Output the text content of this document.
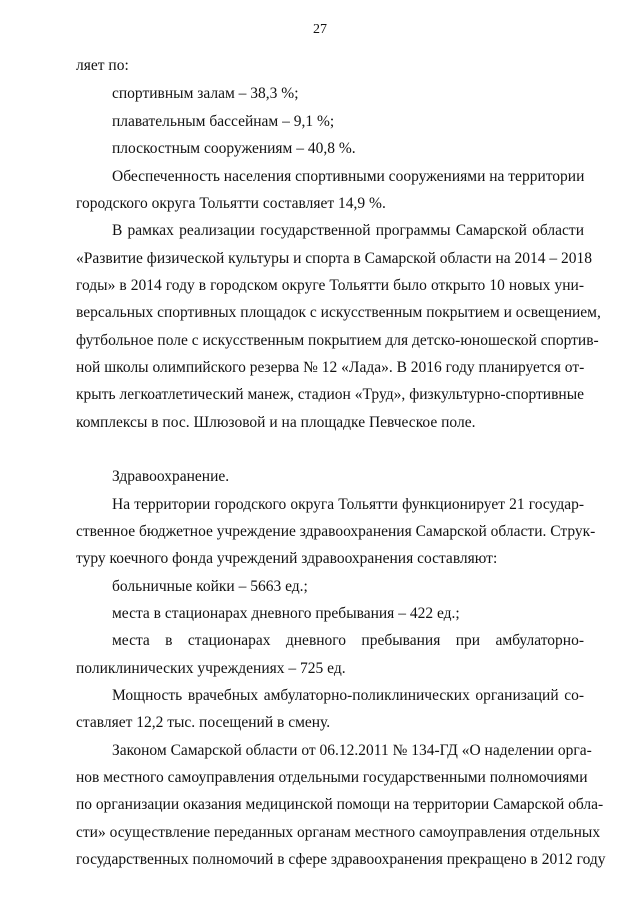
27
ляет по:
спортивным залам – 38,3 %;
плавательным бассейнам – 9,1 %;
плоскостным сооружениям – 40,8 %.
Обеспеченность населения спортивными сооружениями на территории
городского округа Тольятти составляет 14,9 %.
В рамках реализации государственной программы Самарской области
«Развитие физической культуры и спорта в Самарской области на 2014 – 2018
годы» в 2014 году в городском округе Тольятти было открыто 10 новых уни-
версальных спортивных площадок с искусственным покрытием и освещением,
футбольное поле с искусственным покрытием для детско-юношеской спортив-
ной школы олимпийского резерва № 12 «Лада». В 2016 году планируется от-
крыть легкоатлетический манеж, стадион «Труд», физкультурно-спортивные
комплексы в пос. Шлюзовой и на площадке Певческое поле.
Здравоохранение.
На территории городского округа Тольятти функционирует 21 государ-
ственное бюджетное учреждение здравоохранения Самарской области. Струк-
туру коечного фонда учреждений здравоохранения составляют:
больничные койки – 5663 ед.;
места в стационарах дневного пребывания – 422 ед.;
места в стационарах дневного пребывания при амбулаторно-
поликлинических учреждениях – 725 ед.
Мощность врачебных амбулаторно-поликлинических организаций со-
ставляет 12,2 тыс. посещений в смену.
Законом Самарской области от 06.12.2011 № 134-ГД «О наделении орга-
нов местного самоуправления отдельными государственными полномочиями
по организации оказания медицинской помощи на территории Самарской обла-
сти» осуществление переданных органам местного самоуправления отдельных
государственных полномочий в сфере здравоохранения прекращено в 2012 году
